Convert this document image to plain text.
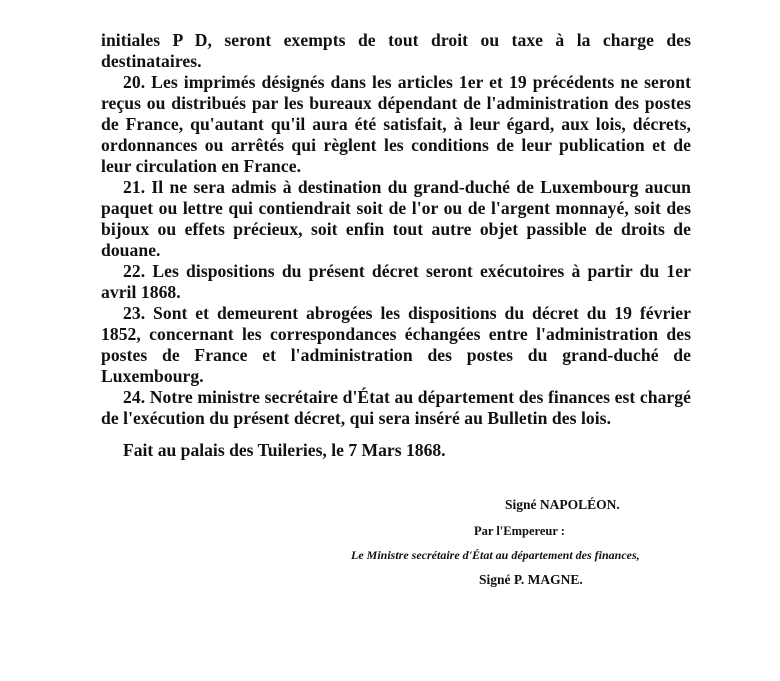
initiales P D, seront exempts de tout droit ou taxe à la charge des destinataires.

20. Les imprimés désignés dans les articles 1er et 19 précédents ne seront reçus ou distribués par les bureaux dépendant de l'administration des postes de France, qu'autant qu'il aura été satisfait, à leur égard, aux lois, décrets, ordonnances ou arrêtés qui règlent les conditions de leur publication et de leur circulation en France.

21. Il ne sera admis à destination du grand-duché de Luxembourg aucun paquet ou lettre qui contiendrait soit de l'or ou de l'argent monnayé, soit des bijoux ou effets précieux, soit enfin tout autre objet passible de droits de douane.

22. Les dispositions du présent décret seront exécutoires à partir du 1er avril 1868.

23. Sont et demeurent abrogées les dispositions du décret du 19 février 1852, concernant les correspondances échangées entre l'administration des postes de France et l'administration des postes du grand-duché de Luxembourg.

24. Notre ministre secrétaire d'État au département des finances est chargé de l'exécution du présent décret, qui sera inséré au Bulletin des lois.

Fait au palais des Tuileries, le 7 Mars 1868.
Signé NAPOLÉON.
Par l'Empereur :
Le Ministre secrétaire d'État au département des finances,
Signé P. MAGNE.
